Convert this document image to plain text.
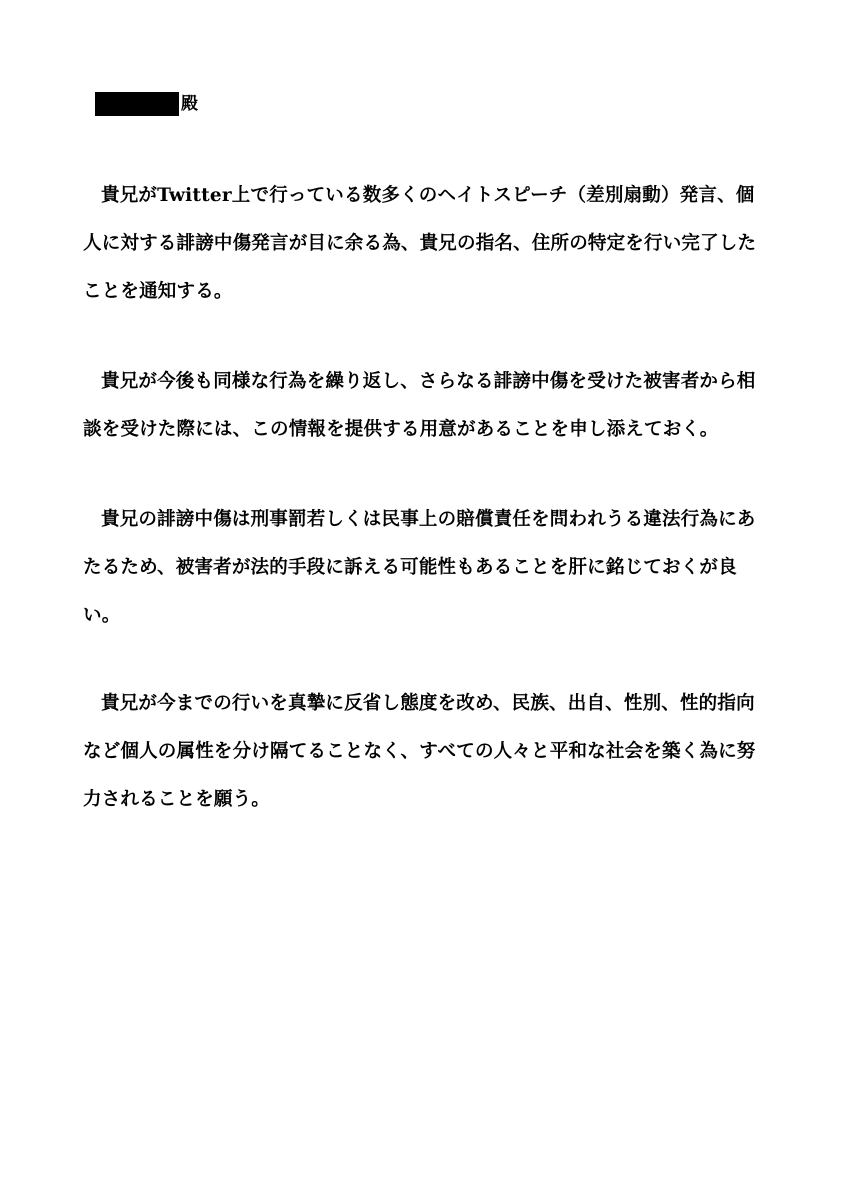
殿

貴兄がTwitter上で行っている数多くのヘイトスピーチ（差別扇動）発言、個人に対する誹謗中傷発言が目に余る為、貴兄の指名、住所の特定を行い完了したことを通知する。

貴兄が今後も同様な行為を繰り返し、さらなる誹謗中傷を受けた被害者から相談を受けた際には、この情報を提供する用意があることを申し添えておく。

貴兄の誹謗中傷は刑事罰若しくは民事上の賠償責任を問われうる違法行為にあたるため、被害者が法的手段に訴える可能性もあることを肝に銘じておくが良い。

貴兄が今までの行いを真摯に反省し態度を改め、民族、出自、性別、性的指向など個人の属性を分け隔てることなく、すべての人々と平和な社会を築く為に努力されることを願う。
